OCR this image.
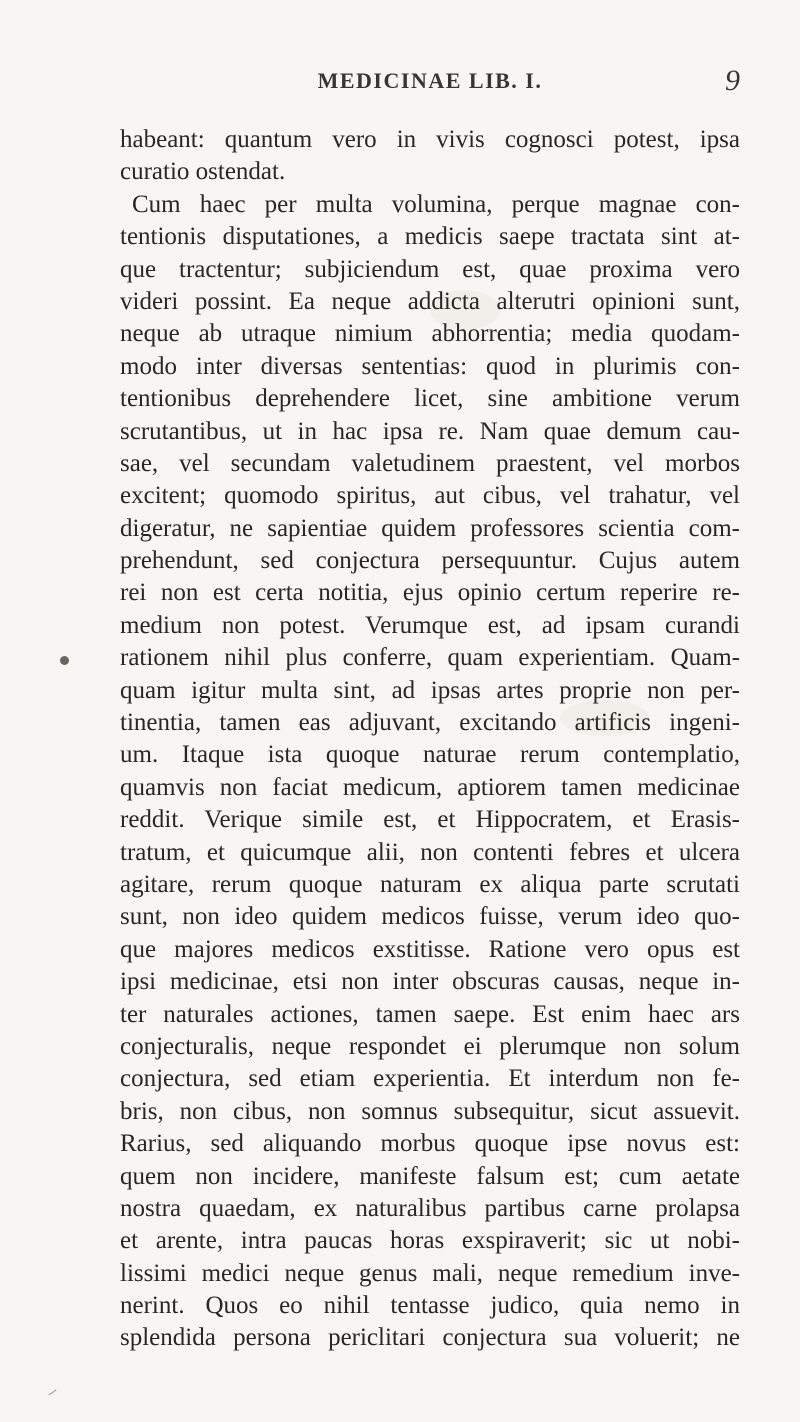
MEDICINAE LIB. I.	9
habeant: quantum vero in vivis cognosci potest, ipsa
curatio ostendat.
Cum haec per multa volumina, perque magnae con-
tentionis disputationes, a medicis saepe tractata sint at-
que tractentur; subjiciendum est, quae proxima vero
videri possint. Ea neque addicta alterutri opinioni sunt,
neque ab utraque nimium abhorrentia; media quodam-
modo inter diversas sententias: quod in plurimis con-
tentionibus deprehendere licet, sine ambitione verum
scrutantibus, ut in hac ipsa re. Nam quae demum cau-
sae, vel secundam valetudinem praestent, vel morbos
excitent; quomodo spiritus, aut cibus, vel trahatur, vel
digeratur, ne sapientiae quidem professores scientia com-
prehendunt, sed conjectura persequuntur. Cujus autem
rei non est certa notitia, ejus opinio certum reperire re-
medium non potest. Verumque est, ad ipsam curandi
rationem nihil plus conferre, quam experientiam. Quam-
quam igitur multa sint, ad ipsas artes proprie non per-
tinentia, tamen eas adjuvant, excitando artificis ingeni-
um. Itaque ista quoque naturae rerum contemplatio,
quamvis non faciat medicum, aptiorem tamen medicinae
reddit. Verique simile est, et Hippocratem, et Erasis-
tratum, et quicumque alii, non contenti febres et ulcera
agitare, rerum quoque naturam ex aliqua parte scrutati
sunt, non ideo quidem medicos fuisse, verum ideo quo-
que majores medicos exstitisse. Ratione vero opus est
ipsi medicinae, etsi non inter obscuras causas, neque in-
ter naturales actiones, tamen saepe. Est enim haec ars
conjecturalis, neque respondet ei plerumque non solum
conjectura, sed etiam experientia. Et interdum non fe-
bris, non cibus, non somnus subsequitur, sicut assuevit.
Rarius, sed aliquando morbus quoque ipse novus est:
quem non incidere, manifeste falsum est; cum aetate
nostra quaedam, ex naturalibus partibus carne prolapsa
et arente, intra paucas horas exspiraverit; sic ut nobi-
lissimi medici neque genus mali, neque remedium inve-
nerint. Quos eo nihil tentasse judico, quia nemo in
splendida persona periclitari conjectura sua voluerit; ne
